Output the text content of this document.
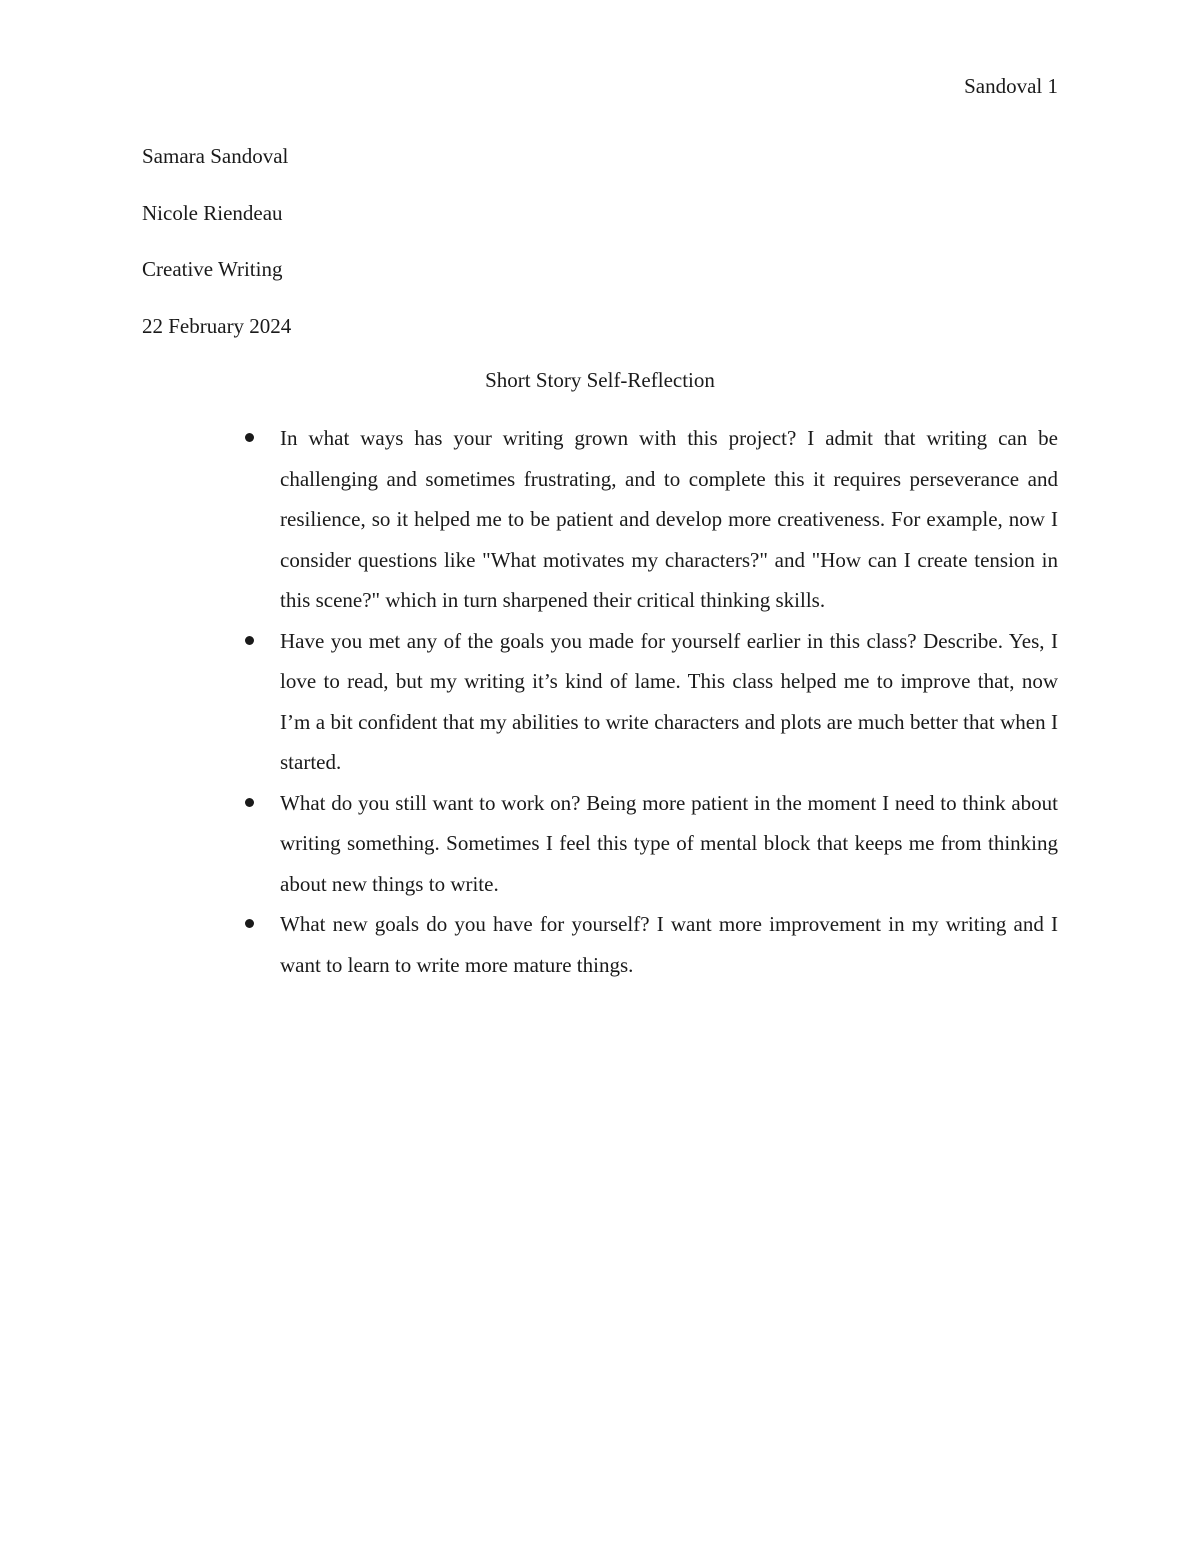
Sandoval 1
Samara Sandoval
Nicole Riendeau
Creative Writing
22 February 2024
Short Story Self-Reflection
In what ways has your writing grown with this project? I admit that writing can be challenging and sometimes frustrating, and to complete this it requires perseverance and resilience, so it helped me to be patient and develop more creativeness. For example, now I consider questions like "What motivates my characters?" and "How can I create tension in this scene?" which in turn sharpened their critical thinking skills.
Have you met any of the goals you made for yourself earlier in this class? Describe. Yes, I love to read, but my writing it’s kind of lame. This class helped me to improve that, now I’m a bit confident that my abilities to write characters and plots are much better that when I started.
What do you still want to work on? Being more patient in the moment I need to think about writing something. Sometimes I feel this type of mental block that keeps me from thinking about new things to write.
What new goals do you have for yourself? I want more improvement in my writing and I want to learn to write more mature things.
